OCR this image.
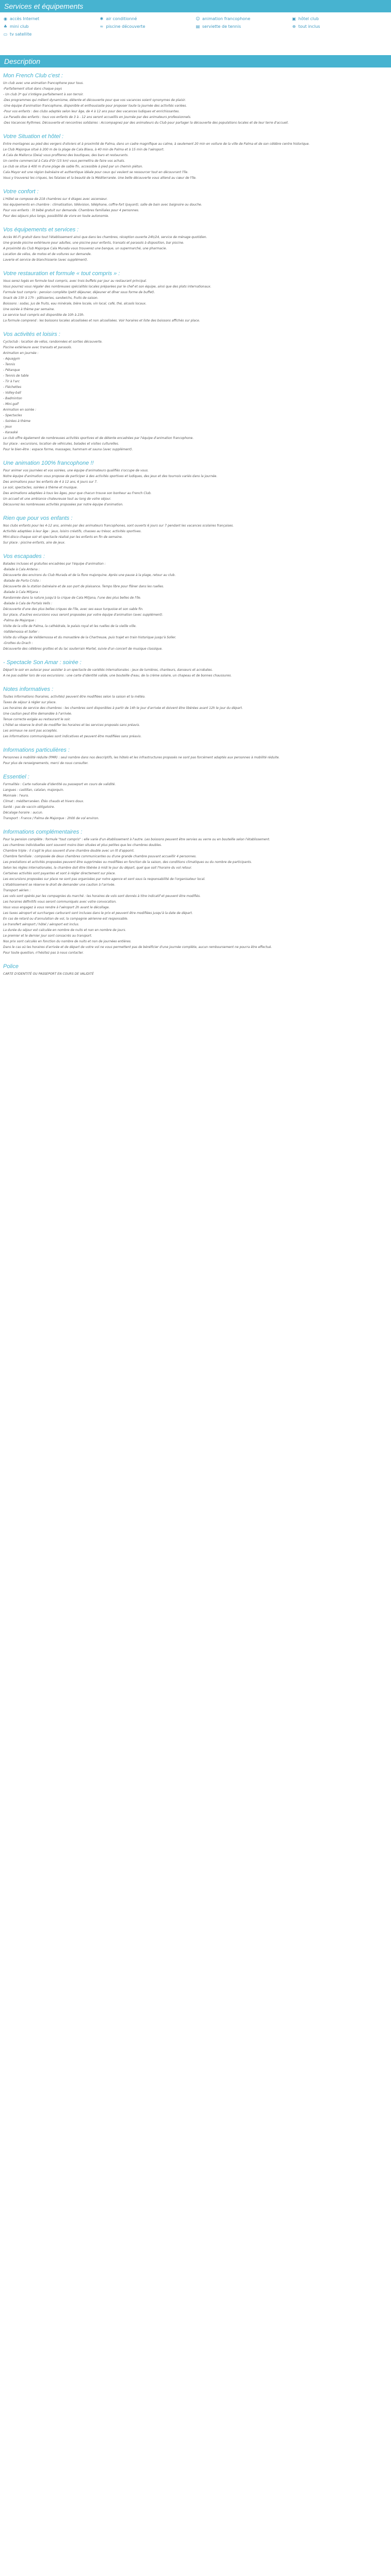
Services et équipements
◉ accès Internet	✱ air conditionné	☺ animation francophone	▣ hôtel club
♣ mini club	≈ piscine découverte	▤ serviette de tennis	⊕ tout inclus
▭ tv satellite
Description
Mon French Club c'est :

Un club avec une animation francophone pour tous.

-Parfaitement situé dans chaque pays

- Un club 3* qui s'intègre parfaitement à son terroir.

-Des programmes qui mêlent dynamisme, détente et découverte pour que vos vacances soient synonymes de plaisir.

-Une équipe d'animation francophone, disponible et enthousiaste pour proposer toute la journée des activités variées.

-Pour vos enfants : des clubs adaptés selon leur âge, de 4 à 12 ans pour des vacances ludiques et enrichissantes.

-Le Paradis des enfants : tous vos enfants de 3 à - 12 ans seront accueillis en journée par des animateurs professionnels.

-Des Vacances Rythmes. Découverte et rencontres solidaires : Accompagnez par des animateurs du Club pour partager la découverte des populations locales et de leur terre d'accueil.

Votre Situation et hôtel :

Entre montagnes au pied des vergers d'oliviers et à proximité de Palma, dans un cadre magnifique au calme, à seulement 20 min en voiture de la ville de Palma et de son célèbre centre historique.

Le Club Majorque situé à 200 m de la plage de Cala Blava, à 40 min de Palma et à 15 min de l'aéroport.

A Cala de Mallorca (Deia) vous profiterez des boutiques, des bars et restaurants.

Un centre commercial à Cala d'Or (15 km) vous permettra de faire vos achats.

Le club se situe à 400 m d'une plage de sable fin, accessible à pied par un chemin piéton.

Cala Mayor est une région balnéaire et authentique idéale pour ceux qui veulent se ressourcer tout en découvrant l'île.

Vous y trouverez les criques, les falaises et la beauté de la Méditerranée. Une belle découverte vous attend au cœur de l'île.

Votre confort :

L'Hôtel se compose de 218 chambres sur 4 étages avec ascenseur.

Vos équipements en chambre : climatisation, télévision, téléphone, coffre-fort (payant), salle de bain avec baignoire ou douche.

Pour vos enfants : lit bébé gratuit sur demande. Chambres familiales pour 4 personnes.

Pour des séjours plus longs, possibilité de vivre en toute autonomie.

Vos équipements et services :

Accès Wi-Fi gratuit dans tout l'établissement ainsi que dans les chambres, réception ouverte 24h/24, service de ménage quotidien.

Une grande piscine extérieure pour adultes, une piscine pour enfants, transats et parasols à disposition, bar piscine.

A proximité du Club Majorque Cala Murada vous trouverez une banque, un supermarché, une pharmacie.

Location de vélos, de motos et de voitures sur demande.

Laverie et service de blanchisserie (avec supplément).

Votre restauration et formule « tout compris » :

Vous serez logés en formule tout compris, avec trois buffets par jour au restaurant principal.

Vous pourrez vous régaler des nombreuses spécialités locales préparées par le chef et son équipe, ainsi que des plats internationaux.

Formule tout compris : pension complète (petit déjeuner, déjeuner et dîner sous forme de buffet).

Snack de 15h à 17h : pâtisseries, sandwichs, fruits de saison.

Boissons : sodas, jus de fruits, eau minérale, bière locale, vin local, café, thé, alcools locaux.

Une soirée à thème par semaine.

Le service tout compris est disponible de 10h à 23h.

La formule comprend : les boissons locales alcoolisées et non alcoolisées. Voir horaires et liste des boissons affichés sur place.

Vos activités et loisirs :

Cycloclub : location de vélos, randonnées et sorties découverte.

Piscine extérieure avec transats et parasols.

Animation en journée :

- Aquagym

- Tennis

- Pétanque

- Tennis de table

- Tir à l'arc

- Fléchettes

- Volley-ball

- Badminton

- Mini-golf

Animation en soirée :

- Spectacles

- Soirées à thème

- Jeux

- Karaoké

Le club offre également de nombreuses activités sportives et de détente encadrées par l'équipe d'animation francophone.

Sur place : excursions, location de véhicules, balades et visites culturelles.

Pour le bien-être : espace forme, massages, hammam et sauna (avec supplément).

Une animation 100% francophone !!

Pour animer vos journées et vos soirées, une équipe d'animateurs qualifiés s'occupe de vous.

Notre équipe d'animation vous propose de participer à des activités sportives et ludiques, des jeux et des tournois variés dans la journée.

Des animations pour les enfants de 4 à 12 ans, 6 jours sur 7.

Le soir, spectacles, soirées à thème et musique.

Des animations adaptées à tous les âges, pour que chacun trouve son bonheur au French Club.

Un accueil et une ambiance chaleureuse tout au long de votre séjour.

Découvrez les nombreuses activités proposées par notre équipe d'animation.

Rien que pour vos enfants :

Nos clubs enfants pour les 4-12 ans, animés par des animateurs francophones, sont ouverts 6 jours sur 7 pendant les vacances scolaires françaises.

Activités adaptées à leur âge : jeux, loisirs créatifs, chasses au trésor, activités sportives.

Mini-disco chaque soir et spectacle réalisé par les enfants en fin de semaine.

Sur place : piscine enfants, aire de jeux.

Vos escapades :

Balades incluses et gratuites encadrées par l'équipe d'animation :

-Balade à Cala Antena :

Découverte des environs du Club Murada et de la flore majorquine. Après une pause à la plage, retour au club.

-Balade de Porto Cristo :

Découverte de la station balnéaire et de son port de plaisance. Temps libre pour flâner dans les ruelles.

-Balade à Cala Mitjana :

Randonnée dans la nature jusqu'à la crique de Cala Mitjana, l'une des plus belles de l'île.

-Balade à Cala de Portals Vells :

Découverte d'une des plus belles criques de l'île, avec ses eaux turquoise et son sable fin.

Sur place, d'autres excursions vous seront proposées par votre équipe d'animation (avec supplément).

-Palma de Majorque :

Visite de la ville de Palma, la cathédrale, le palais royal et les ruelles de la vieille ville.

-Valldemossa et Soller :

Visite du village de Valldemossa et du monastère de la Chartreuse, puis trajet en train historique jusqu'à Soller.

-Grottes du Drach :

Découverte des célèbres grottes et du lac souterrain Martel, suivie d'un concert de musique classique.

- Spectacle Son Amar : soirée :

Départ le soir en autocar pour assister à un spectacle de variétés internationales : jeux de lumières, chanteurs, danseurs et acrobates.

A ne pas oublier lors de vos excursions : une carte d'identité valide, une bouteille d'eau, de la crème solaire, un chapeau et de bonnes chaussures.

Notes informatives :

Toutes informations (horaires, activités) peuvent être modifiées selon la saison et la météo.

Taxes de séjour à régler sur place.

Les horaires de service des chambres : les chambres sont disponibles à partir de 14h le jour d'arrivée et doivent être libérées avant 12h le jour du départ.

Une caution peut être demandée à l'arrivée.

Tenue correcte exigée au restaurant le soir.

L'hôtel se réserve le droit de modifier les horaires et les services proposés sans préavis.

Les animaux ne sont pas acceptés.

Les informations communiquées sont indicatives et peuvent être modifiées sans préavis.

Informations particulières :

Personnes à mobilité réduite (PMR) : seul nombre dans nos descriptifs, les hôtels et les infrastructures proposés ne sont pas forcément adaptés aux personnes à mobilité réduite.

Pour plus de renseignements, merci de nous consulter.

Essentiel :

Formalités : Carte nationale d'identité ou passeport en cours de validité.

Langues : castillan, catalan, majorquin.

Monnaie : l'euro.

Climat : méditerranéen. Étés chauds et hivers doux.

Santé : pas de vaccin obligatoire.

Décalage horaire : aucun.

Transport : France / Palma de Majorque : 2h00 de vol environ.

Informations complémentaires :

Pour la pension complète : formule "tout compris" : elle varie d'un établissement à l'autre. Les boissons peuvent être servies au verre ou en bouteille selon l'établissement.

Les chambres individuelles sont souvent moins bien situées et plus petites que les chambres doubles.

Chambre triple : il s'agit le plus souvent d'une chambre double avec un lit d'appoint.

Chambre familiale : composée de deux chambres communicantes ou d'une grande chambre pouvant accueillir 4 personnes.

Les prestations et activités proposées peuvent être supprimées ou modifiées en fonction de la saison, des conditions climatiques ou du nombre de participants.

Selon les règles internationales, la chambre doit être libérée à midi le jour du départ, quel que soit l'horaire du vol retour.

Certaines activités sont payantes et sont à régler directement sur place.

Les excursions proposées sur place ne sont pas organisées par notre agence et sont sous la responsabilité de l'organisateur local.

L'établissement se réserve le droit de demander une caution à l'arrivée.

Transport aérien :

Les vols sont opérés par les compagnies du marché : les horaires de vols sont donnés à titre indicatif et peuvent être modifiés.

Les horaires définitifs vous seront communiqués avec votre convocation.

Vous vous engagez à vous rendre à l'aéroport 2h avant le décollage.

Les taxes aéroport et surcharges carburant sont incluses dans le prix et peuvent être modifiées jusqu'à la date de départ.

En cas de retard ou d'annulation de vol, la compagnie aérienne est responsable.

Le transfert aéroport / hôtel / aéroport est inclus.

La durée du séjour est calculée en nombre de nuits et non en nombre de jours.

Le premier et le dernier jour sont consacrés au transport.

Nos prix sont calculés en fonction du nombre de nuits et non de journées entières.

Dans le cas où les horaires d'arrivée et de départ de votre vol ne vous permettent pas de bénéficier d'une journée complète, aucun remboursement ne pourra être effectué.

Pour toute question, n'hésitez pas à nous contacter.

Police

CARTE D'IDENTITÉ OU PASSEPORT EN COURS DE VALIDITÉ
